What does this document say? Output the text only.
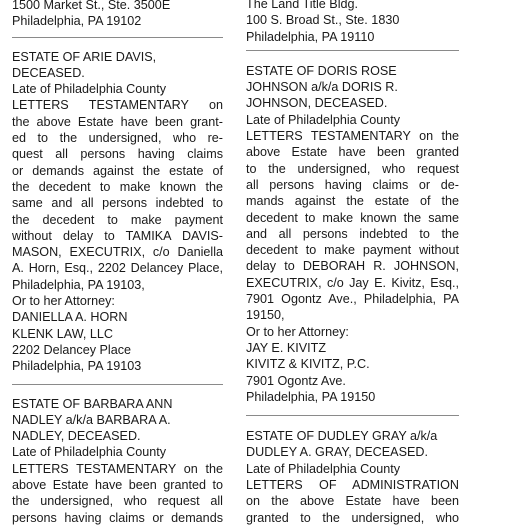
1500 Market St., Ste. 3500E
Philadelphia, PA 19102
ESTATE OF ARIE DAVIS,
DECEASED.
Late of Philadelphia County
LETTERS TESTAMENTARY on
the above Estate have been grant-
ed to the undersigned, who re-
quest all persons having claims
or demands against the estate of
the decedent to make known the
same and all persons indebted to
the decedent to make payment
without delay to TAMIKA DAVIS-
MASON, EXECUTRIX, c/o Daniella
A. Horn, Esq., 2202 Delancey Place,
Philadelphia, PA 19103,
Or to her Attorney:
DANIELLA A. HORN
KLENK LAW, LLC
2202 Delancey Place
Philadelphia, PA 19103
ESTATE OF BARBARA ANN
NADLEY a/k/a BARBARA A.
NADLEY, DECEASED.
Late of Philadelphia County
LETTERS TESTAMENTARY on the
above Estate have been granted to
the undersigned, who request all
persons having claims or demands
The Land Title Bldg.
100 S. Broad St., Ste. 1830
Philadelphia, PA 19110
ESTATE OF DORIS ROSE
JOHNSON a/k/a DORIS R.
JOHNSON, DECEASED.
Late of Philadelphia County
LETTERS TESTAMENTARY on the
above Estate have been granted
to the undersigned, who request
all persons having claims or de-
mands against the estate of the
decedent to make known the same
and all persons indebted to the
decedent to make payment without
delay to DEBORAH R. JOHNSON,
EXECUTRIX, c/o Jay E. Kivitz, Esq.,
7901 Ogontz Ave., Philadelphia, PA
19150,
Or to her Attorney:
JAY E. KIVITZ
KIVITZ & KIVITZ, P.C.
7901 Ogontz Ave.
Philadelphia, PA 19150
ESTATE OF DUDLEY GRAY a/k/a
DUDLEY A. GRAY, DECEASED.
Late of Philadelphia County
LETTERS OF ADMINISTRATION
on the above Estate have been
granted to the undersigned, who
